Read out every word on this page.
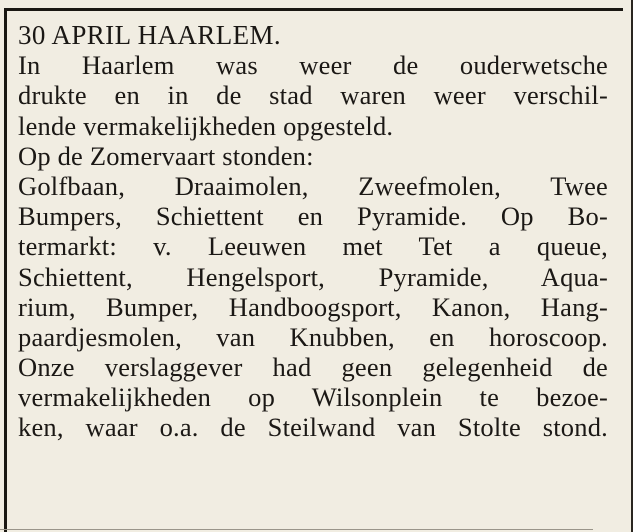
30 APRIL HAARLEM.
In Haarlem was weer de ouderwetsche
drukte en in de stad waren weer verschil-
lende vermakelijkheden opgesteld.
Op de Zomervaart stonden:
Golfbaan, Draaimolen, Zweefmolen, Twee
Bumpers, Schiettent en Pyramide. Op Bo-
termarkt: v. Leeuwen met Tet a queue,
Schiettent, Hengelsport, Pyramide, Aqua-
rium, Bumper, Handboogsport, Kanon, Hang-
paardjesmolen, van Knubben, en horoscoop.
Onze verslaggever had geen gelegenheid de
vermakelijkheden op Wilsonplein te bezoe-
ken, waar o.a. de Steilwand van Stolte stond.
